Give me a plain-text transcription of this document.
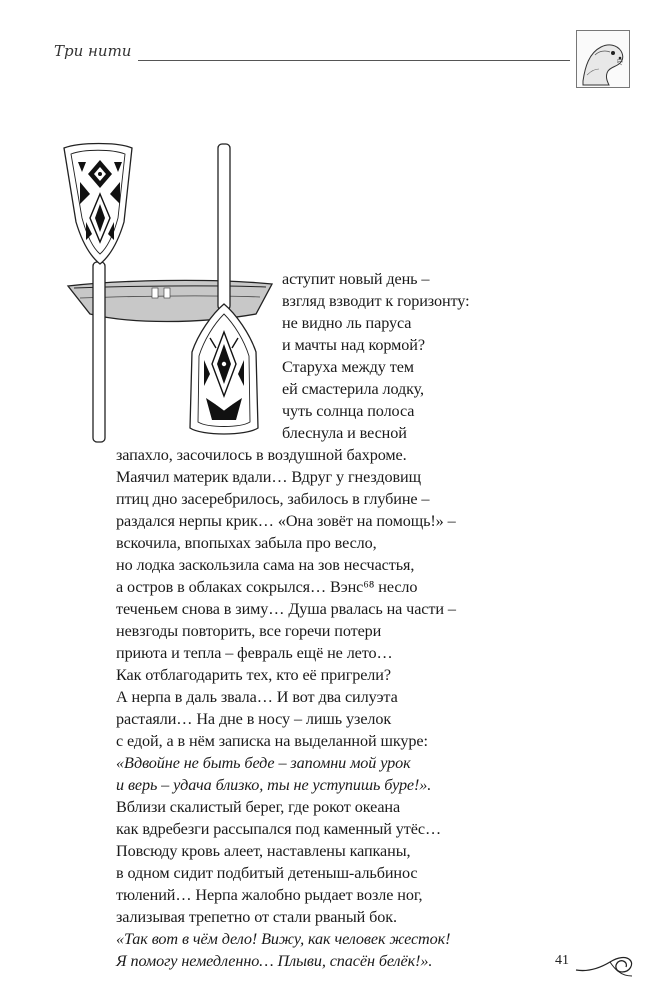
Три нити
аступит новый день –
взгляд взводит к горизонту:
не видно ль паруса
и мачты над кормой?
Старуха между тем
ей смастерила лодку,
чуть солнца полоса
блеснула и весной
запахло, засочилось в воздушной бахроме.
Маячил материк вдали… Вдруг у гнездовищ
птиц дно засеребрилось, забилось в глубине –
раздался нерпы крик… «Она зовёт на помощь!» –
вскочила, впопыхах забыла про весло,
но лодка заскользила сама на зов несчастья,
а остров в облаках сокрылся… Вэнс⁶⁸ несло
теченьем снова в зиму… Душа рвалась на части –
невзгоды повторить, все горечи потери
приюта и тепла – февраль ещё не лето…
Как отблагодарить тех, кто её пригрели?
А нерпа в даль звала… И вот два силуэта
растаяли… На дне в носу – лишь узелок
с едой, а в нём записка на выделанной шкуре:
«Вдвойне не быть беде – запомни мой урок
и верь – удача близко, ты не уступишь буре!».
Вблизи скалистый берег, где рокот океана
как вдребезги рассыпался под каменный утёс…
Повсюду кровь алеет, наставлены капканы,
в одном сидит подбитый детеныш-альбинос
тюлений… Нерпа жалобно рыдает возле ног,
зализывая трепетно от стали рваный бок.
«Так вот в чём дело! Вижу, как человек жесток!
Я помогу немедленно… Плыви, спасён белёк!».	41
